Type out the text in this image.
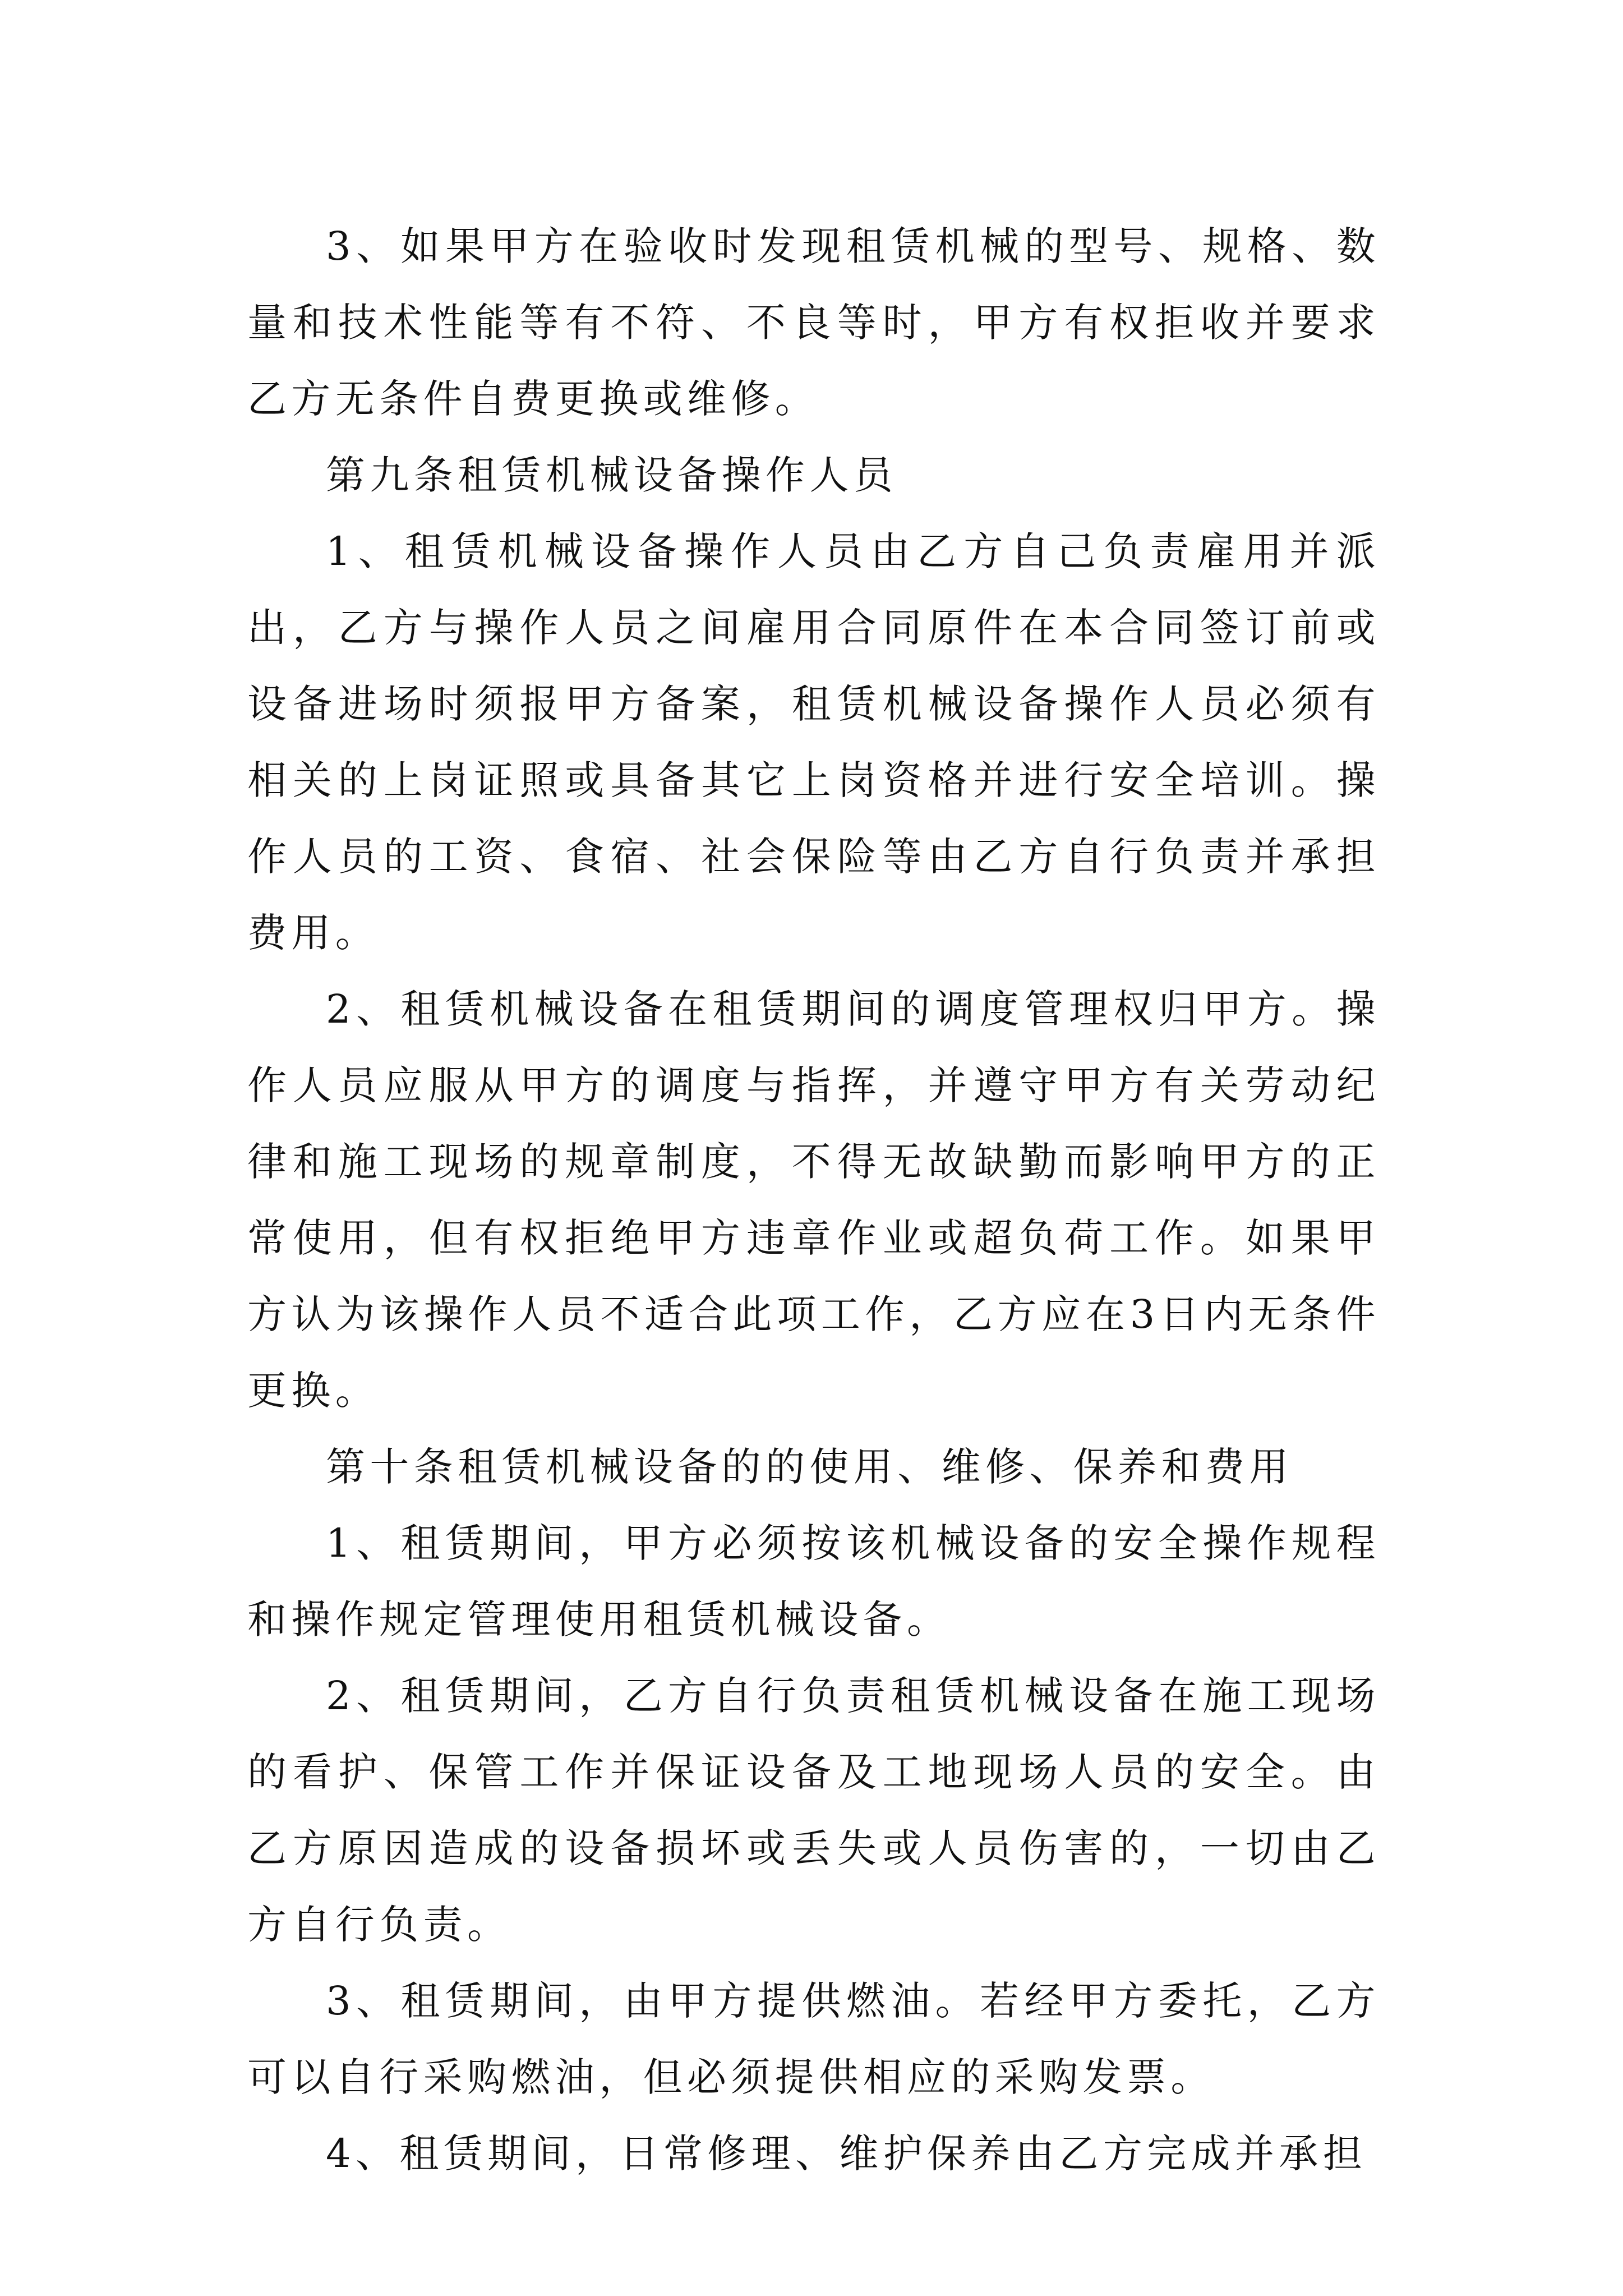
3、如果甲方在验收时发现租赁机械的型号、规格、数量和技术性能等有不符、不良等时，甲方有权拒收并要求乙方无条件自费更换或维修。

第九条租赁机械设备操作人员

1、租赁机械设备操作人员由乙方自己负责雇用并派出，乙方与操作人员之间雇用合同原件在本合同签订前或设备进场时须报甲方备案，租赁机械设备操作人员必须有相关的上岗证照或具备其它上岗资格并进行安全培训。操作人员的工资、食宿、社会保险等由乙方自行负责并承担费用。

2、租赁机械设备在租赁期间的调度管理权归甲方。操作人员应服从甲方的调度与指挥，并遵守甲方有关劳动纪律和施工现场的规章制度，不得无故缺勤而影响甲方的正常使用，但有权拒绝甲方违章作业或超负荷工作。如果甲方认为该操作人员不适合此项工作，乙方应在3日内无条件更换。

第十条租赁机械设备的的使用、维修、保养和费用

1、租赁期间，甲方必须按该机械设备的安全操作规程和操作规定管理使用租赁机械设备。

2、租赁期间，乙方自行负责租赁机械设备在施工现场的看护、保管工作并保证设备及工地现场人员的安全。由乙方原因造成的设备损坏或丢失或人员伤害的，一切由乙方自行负责。

3、租赁期间，由甲方提供燃油。若经甲方委托，乙方可以自行采购燃油，但必须提供相应的采购发票。

4、租赁期间，日常修理、维护保养由乙方完成并承担
